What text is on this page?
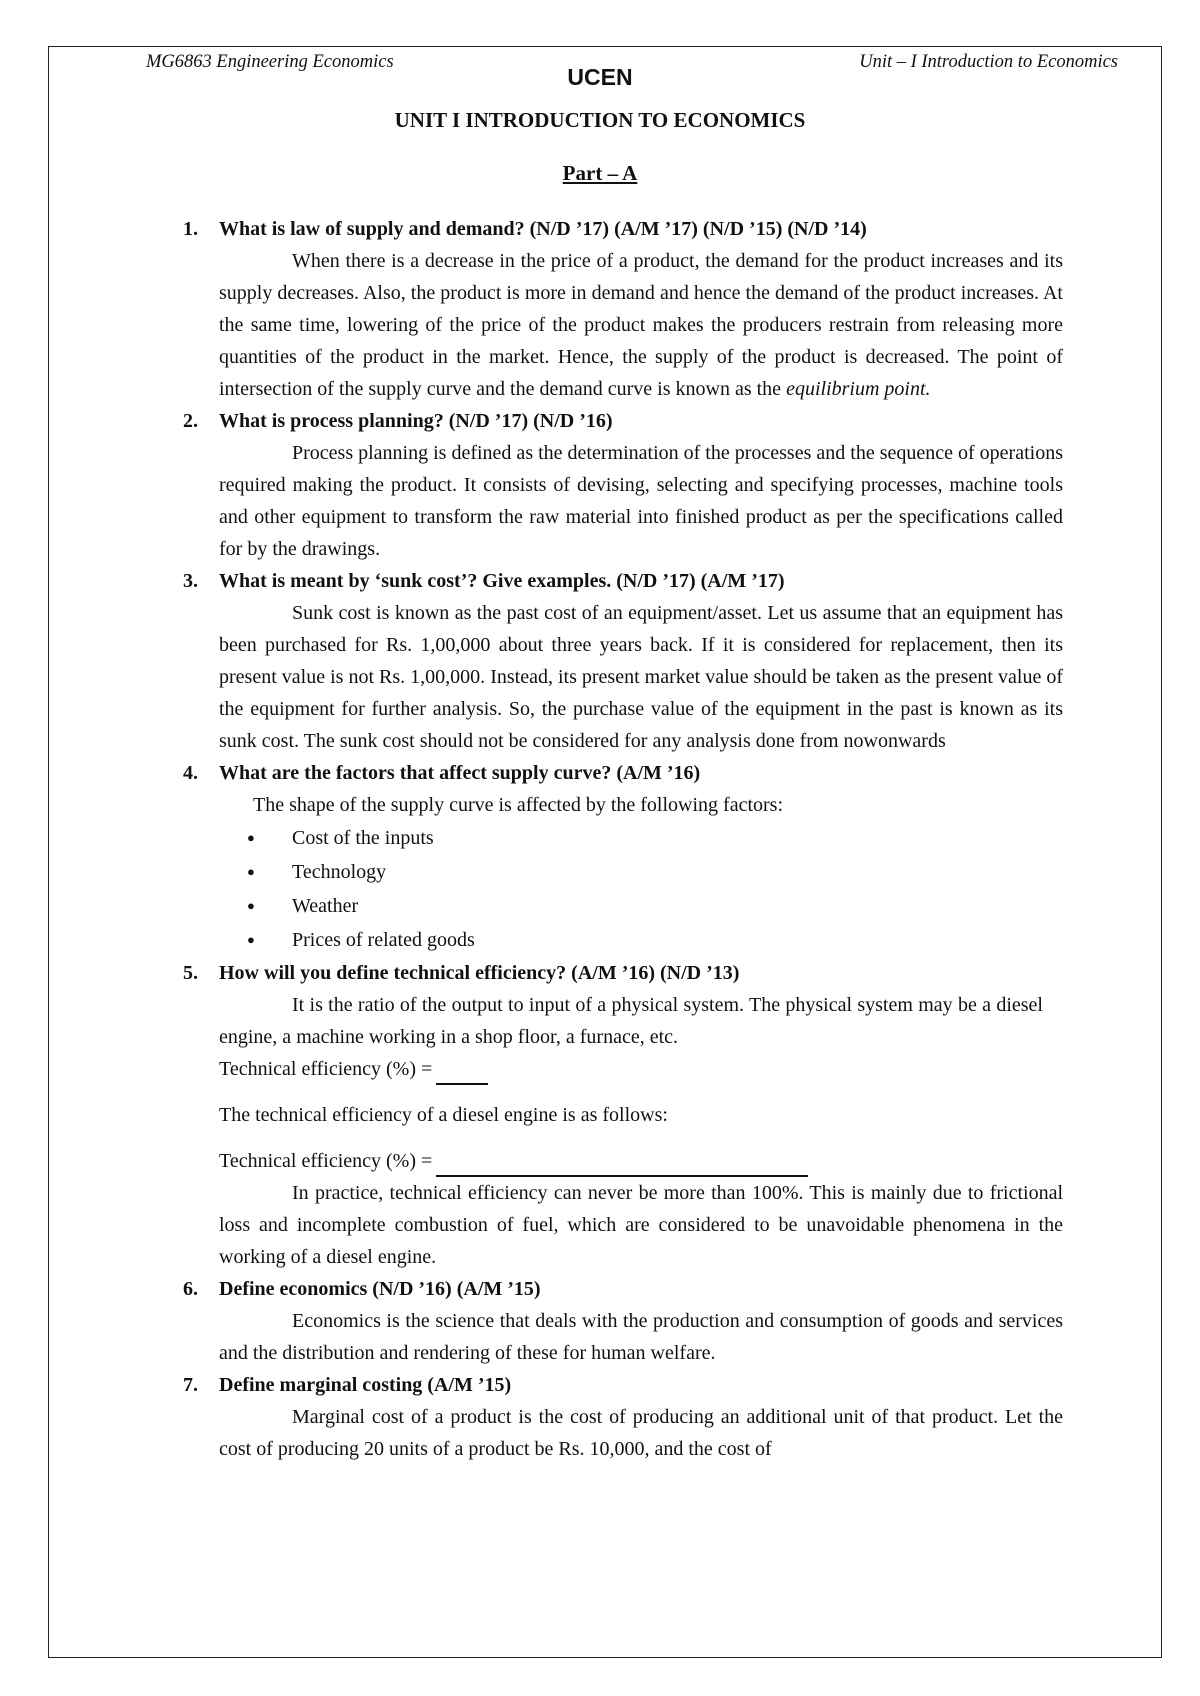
MG6863 Engineering Economics	Unit – I Introduction to Economics
UCEN
UNIT I INTRODUCTION TO ECONOMICS
Part – A
1.	What is law of supply and demand? (N/D ’17) (A/M ’17) (N/D ’15) (N/D ’14)
When there is a decrease in the price of a product, the demand for the product increases and its supply decreases. Also, the product is more in demand and hence the demand of the product increases. At the same time, lowering of the price of the product makes the producers restrain from releasing more quantities of the product in the market. Hence, the supply of the product is decreased. The point of intersection of the supply curve and the demand curve is known as the equilibrium point.
2.	What is process planning? (N/D ’17) (N/D ’16)
Process planning is defined as the determination of the processes and the sequence of operations required making the product. It consists of devising, selecting and specifying processes, machine tools and other equipment to transform the raw material into finished product as per the specifications called for by the drawings.
3.	What is meant by ‘sunk cost’? Give examples. (N/D ’17) (A/M ’17)
Sunk cost is known as the past cost of an equipment/asset. Let us assume that an equipment has been purchased for Rs. 1,00,000 about three years back. If it is considered for replacement, then its present value is not Rs. 1,00,000. Instead, its present market value should be taken as the present value of the equipment for further analysis. So, the purchase value of the equipment in the past is known as its sunk cost. The sunk cost should not be considered for any analysis done from nowonwards
4.	What are the factors that affect supply curve? (A/M ’16)
The shape of the supply curve is affected by the following factors:
● Cost of the inputs
● Technology
● Weather
● Prices of related goods
5.	How will you define technical efficiency? (A/M ’16) (N/D ’13)
It is the ratio of the output to input of a physical system. The physical system may be a diesel engine, a machine working in a shop floor, a furnace, etc.
Technical efficiency (%) =
The technical efficiency of a diesel engine is as follows:
Technical efficiency (%) =
In practice, technical efficiency can never be more than 100%. This is mainly due to frictional loss and incomplete combustion of fuel, which are considered to be unavoidable phenomena in the working of a diesel engine.
6.	Define economics (N/D ’16) (A/M ’15)
Economics is the science that deals with the production and consumption of goods and services and the distribution and rendering of these for human welfare.
7.	Define marginal costing (A/M ’15)
Marginal cost of a product is the cost of producing an additional unit of that product. Let the cost of producing 20 units of a product be Rs. 10,000, and the cost of
